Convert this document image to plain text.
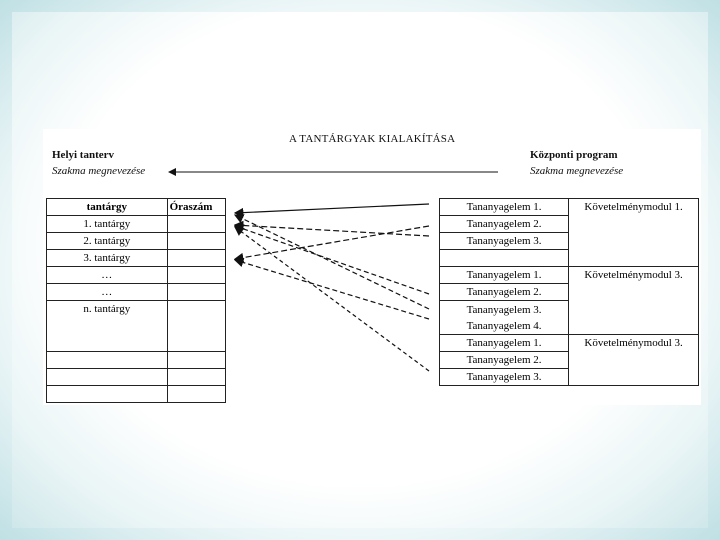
A TANTÁRGYAK KIALAKÍTÁSA
Helyi tanterv
Szakma megnevezése
Központi program
Szakma megnevezése
tantárgy	Óraszám
1. tantárgy	
2. tantárgy	
3. tantárgy	
…	
…	
n. tantárgy	

Tananyagelem 1.	Követelménymodul 1.
Tananyagelem 2.	
Tananyagelem 3.	

Tananyagelem 1.	Követelménymodul 3.
Tananyagelem 2.	
Tananyagelem 3.
Tananyagelem 4.	
Tananyagelem 1.	Követelménymodul 3.
Tananyagelem 2.	
Tananyagelem 3.	
